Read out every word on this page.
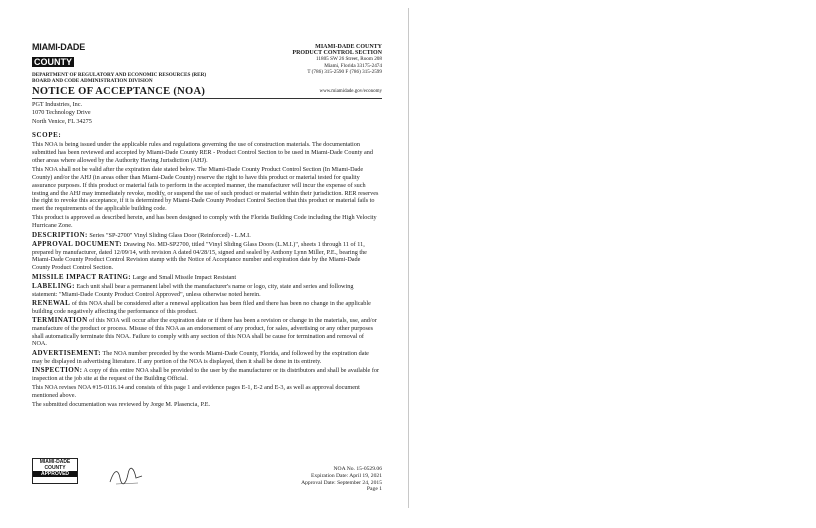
MIAMI-DADE
COUNTY
MIAMI-DADE COUNTY
PRODUCT CONTROL SECTION
11805 SW 26 Street, Room 208
Miami, Florida 33175-2474
T (786) 315-2590 F (786) 315-2599
DEPARTMENT OF REGULATORY AND ECONOMIC RESOURCES (RER)
BOARD AND CODE ADMINISTRATION DIVISION
NOTICE OF ACCEPTANCE (NOA)	www.miamidade.gov/economy
PGT Industries, Inc.
1070 Technology Drive
North Venice, FL 34275

SCOPE:

This NOA is being issued under the applicable rules and regulations governing the use of construction materials. The documentation submitted has been reviewed and accepted by Miami-Dade County RER - Product Control Section to be used in Miami-Dade County and other areas where allowed by the Authority Having Jurisdiction (AHJ).

This NOA shall not be valid after the expiration date stated below. The Miami-Dade County Product Control Section (In Miami-Dade County) and/or the AHJ (in areas other than Miami-Dade County) reserve the right to have this product or material tested for quality assurance purposes. If this product or material fails to perform in the accepted manner, the manufacturer will incur the expense of such testing and the AHJ may immediately revoke, modify, or suspend the use of such product or material within their jurisdiction. RER reserves the right to revoke this acceptance, if it is determined by Miami-Dade County Product Control Section that this product or material fails to meet the requirements of the applicable building code.

This product is approved as described herein, and has been designed to comply with the Florida Building Code including the High Velocity Hurricane Zone.

DESCRIPTION: Series "SP-2700" Vinyl Sliding Glass Door (Reinforced) - L.M.I.

APPROVAL DOCUMENT: Drawing No. MD-SP2700, titled "Vinyl Sliding Glass Doors (L.M.I.)", sheets 1 through 11 of 11, prepared by manufacturer, dated 12/09/14, with revision A dated 04/28/15, signed and sealed by Anthony Lynn Miller, P.E., bearing the Miami-Dade County Product Control Revision stamp with the Notice of Acceptance number and expiration date by the Miami-Dade County Product Control Section.

MISSILE IMPACT RATING: Large and Small Missile Impact Resistant

LABELING: Each unit shall bear a permanent label with the manufacturer's name or logo, city, state and series and following statement: "Miami-Dade County Product Control Approved", unless otherwise noted herein.

RENEWAL of this NOA shall be considered after a renewal application has been filed and there has been no change in the applicable building code negatively affecting the performance of this product.

TERMINATION of this NOA will occur after the expiration date or if there has been a revision or change in the materials, use, and/or manufacture of the product or process. Misuse of this NOA as an endorsement of any product, for sales, advertising or any other purposes shall automatically terminate this NOA. Failure to comply with any section of this NOA shall be cause for termination and removal of NOA.

ADVERTISEMENT: The NOA number preceded by the words Miami-Dade County, Florida, and followed by the expiration date may be displayed in advertising literature. If any portion of the NOA is displayed, then it shall be done in its entirety.

INSPECTION: A copy of this entire NOA shall be provided to the user by the manufacturer or its distributors and shall be available for inspection at the job site at the request of the Building Official.

This NOA revises NOA #15-0116.14 and consists of this page 1 and evidence pages E-1, E-2 and E-3, as well as approval document mentioned above.

The submitted documentation was reviewed by Jorge M. Plasencia, P.E.

MIAMI-DADE COUNTY
APPROVED
NOA No. 15-0529.06
Expiration Date: April 19, 2021
Approval Date: September 24, 2015
Page 1
